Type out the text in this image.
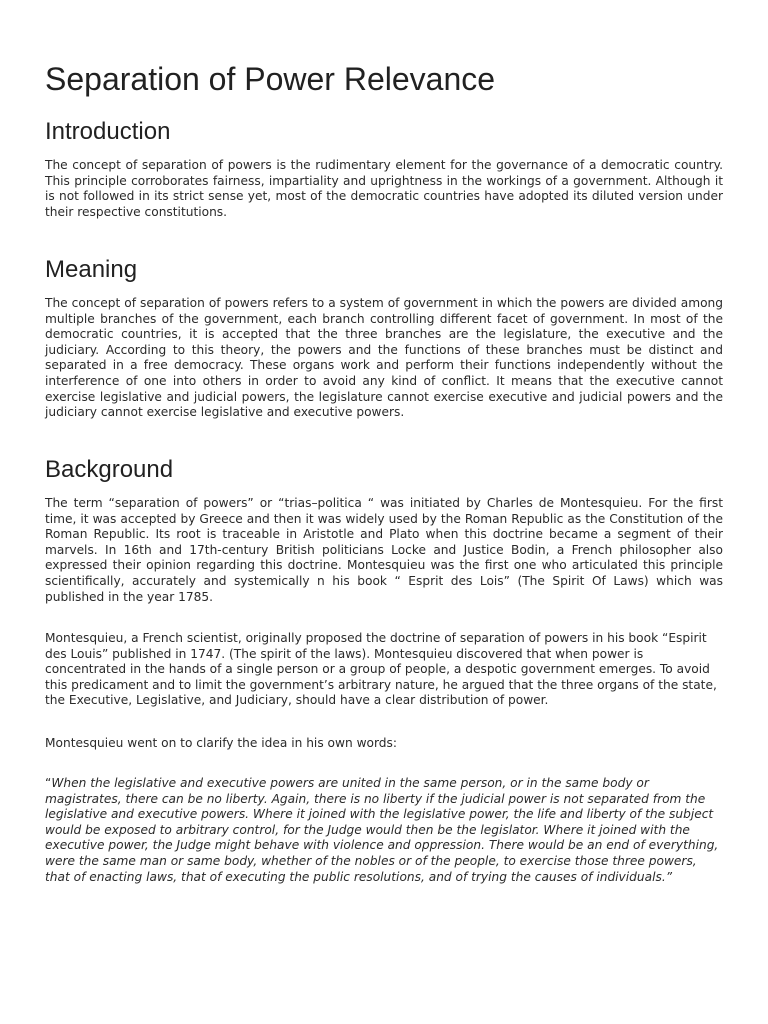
Separation of Power Relevance
Introduction

The concept of separation of powers is the rudimentary element for the governance of a democratic country. This principle corroborates fairness, impartiality and uprightness in the workings of a government. Although it is not followed in its strict sense yet, most of the democratic countries have adopted its diluted version under their respective constitutions.

Meaning

The concept of separation of powers refers to a system of government in which the powers are divided among multiple branches of the government, each branch controlling different facet of government. In most of the democratic countries, it is accepted that the three branches are the legislature, the executive and the judiciary. According to this theory, the powers and the functions of these branches must be distinct and separated in a free democracy. These organs work and perform their functions independently without the interference of one into others in order to avoid any kind of conflict. It means that the executive cannot exercise legislative and judicial powers, the legislature cannot exercise executive and judicial powers and the judiciary cannot exercise legislative and executive powers.

Background

The term “separation of powers” or “trias–politica “ was initiated by Charles de Montesquieu. For the first time, it was accepted by Greece and then it was widely used by the Roman Republic as the Constitution of the Roman Republic. Its root is traceable in Aristotle and Plato when this doctrine became a segment of their marvels. In 16th and 17th-century British politicians Locke and Justice Bodin, a French philosopher also expressed their opinion regarding this doctrine. Montesquieu was the first one who articulated this principle scientifically, accurately and systemically n his book “ Esprit des Lois” (The Spirit Of Laws) which was published in the year 1785.

Montesquieu, a French scientist, originally proposed the doctrine of separation of powers in his book “Espirit des Louis” published in 1747. (The spirit of the laws). Montesquieu discovered that when power is concentrated in the hands of a single person or a group of people, a despotic government emerges. To avoid this predicament and to limit the government’s arbitrary nature, he argued that the three organs of the state, the Executive, Legislative, and Judiciary, should have a clear distribution of power.

Montesquieu went on to clarify the idea in his own words:

“When the legislative and executive powers are united in the same person, or in the same body or magistrates, there can be no liberty. Again, there is no liberty if the judicial power is not separated from the legislative and executive powers. Where it joined with the legislative power, the life and liberty of the subject would be exposed to arbitrary control, for the Judge would then be the legislator. Where it joined with the executive power, the Judge might behave with violence and oppression. There would be an end of everything, were the same man or same body, whether of the nobles or of the people, to exercise those three powers, that of enacting laws, that of executing the public resolutions, and of trying the causes of individuals.”
